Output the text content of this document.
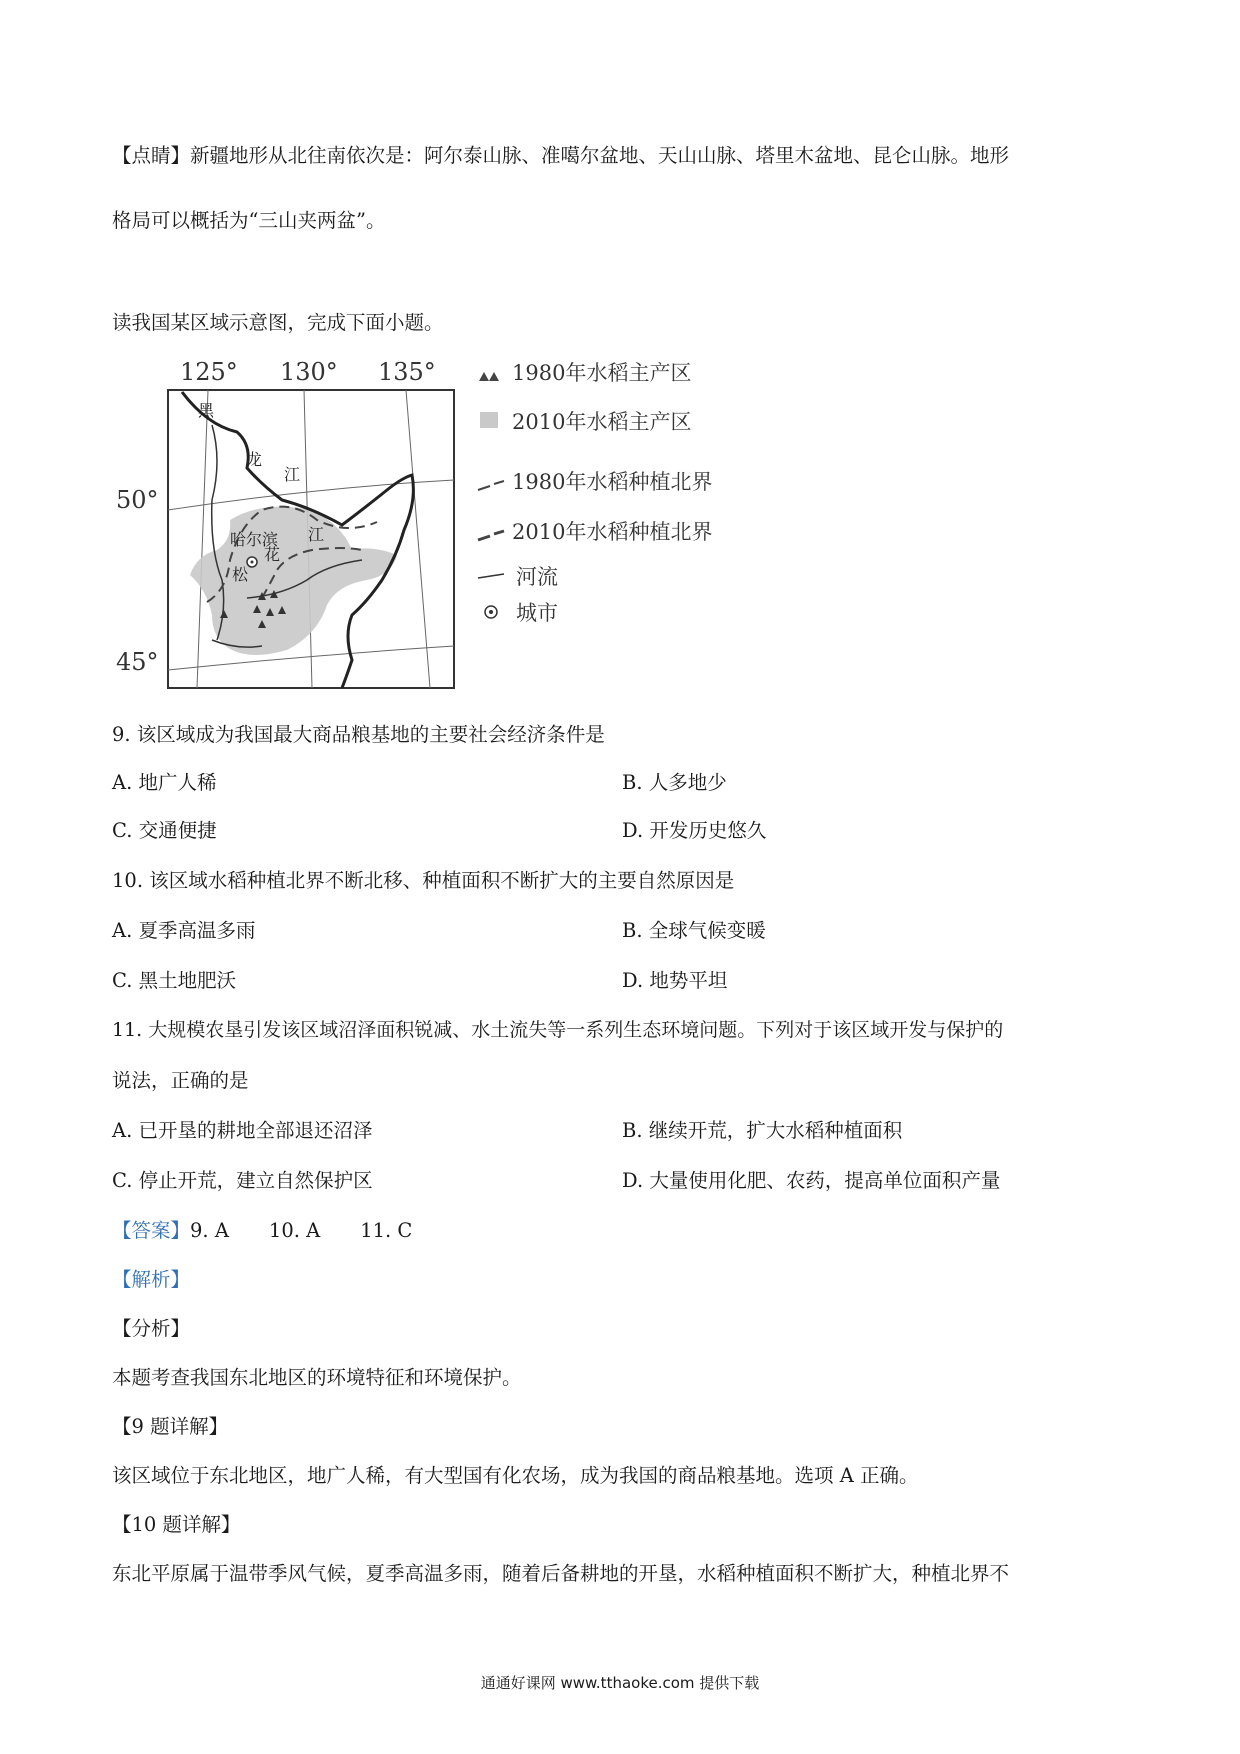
【点睛】新疆地形从北往南依次是：阿尔泰山脉、准噶尔盆地、天山山脉、塔里木盆地、昆仑山脉。地形
格局可以概括为“三山夹两盆”。
读我国某区域示意图，完成下面小题。
125° 130° 135°
50°
45°
黑
龙
江
江
哈尔滨
花
松
1980年水稻主产区
2010年水稻主产区
1980年水稻种植北界
2010年水稻种植北界
河流
城市
9. 该区域成为我国最大商品粮基地的主要社会经济条件是
A. 地广人稀	B. 人多地少
C. 交通便捷	D. 开发历史悠久
10. 该区域水稻种植北界不断北移、种植面积不断扩大的主要自然原因是
A. 夏季高温多雨	B. 全球气候变暖
C. 黑土地肥沃	D. 地势平坦
11. 大规模农垦引发该区域沼泽面积锐减、水土流失等一系列生态环境问题。下列对于该区域开发与保护的
说法，正确的是
A. 已开垦的耕地全部退还沼泽	B. 继续开荒，扩大水稻种植面积
C. 停止开荒，建立自然保护区	D. 大量使用化肥、农药，提高单位面积产量
【答案】9. A 10. A 11. C
【解析】
【分析】
本题考查我国东北地区的环境特征和环境保护。
【9 题详解】
该区域位于东北地区，地广人稀，有大型国有化农场，成为我国的商品粮基地。选项 A 正确。
【10 题详解】
东北平原属于温带季风气候，夏季高温多雨，随着后备耕地的开垦，水稻种植面积不断扩大，种植北界不
通通好课网 www.tthaoke.com 提供下载
